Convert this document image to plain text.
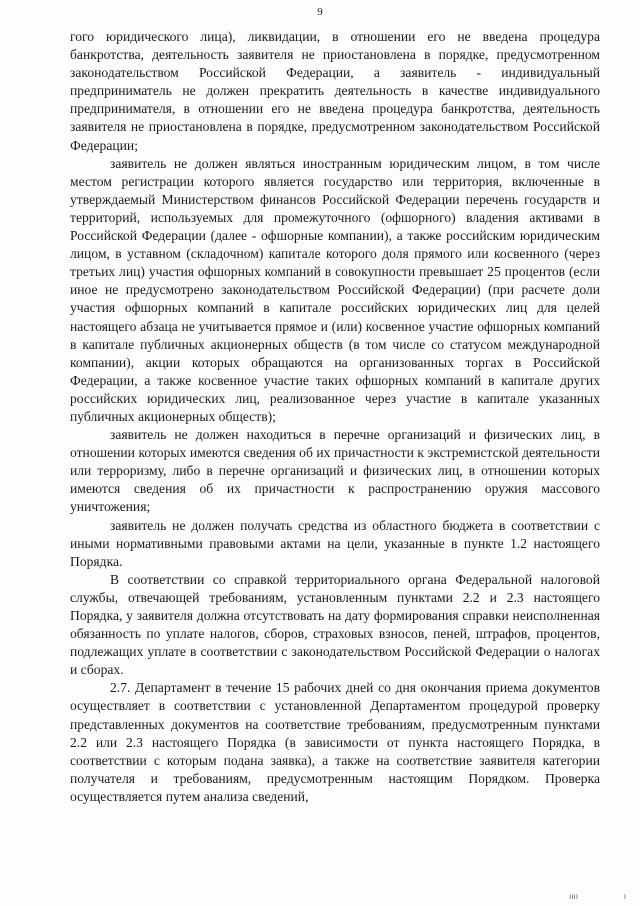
9

гого юридического лица), ликвидации, в отношении его не введена процедура банкротства, деятельность заявителя не приостановлена в порядке, предусмотренном законодательством Российской Федерации, а заявитель - индивидуальный предприниматель не должен прекратить деятельность в качестве индивидуального предпринимателя, в отношении его не введена процедура банкротства, деятельность заявителя не приостановлена в порядке, предусмотренном законодательством Российской Федерации;

заявитель не должен являться иностранным юридическим лицом, в том числе местом регистрации которого является государство или территория, включенные в утверждаемый Министерством финансов Российской Федерации перечень государств и территорий, используемых для промежуточного (офшорного) владения активами в Российской Федерации (далее - офшорные компании), а также российским юридическим лицом, в уставном (складочном) капитале которого доля прямого или косвенного (через третьих лиц) участия офшорных компаний в совокупности превышает 25 процентов (если иное не предусмотрено законодательством Российской Федерации) (при расчете доли участия офшорных компаний в капитале российских юридических лиц для целей настоящего абзаца не учитывается прямое и (или) косвенное участие офшорных компаний в капитале публичных акционерных обществ (в том числе со статусом международной компании), акции которых обращаются на организованных торгах в Российской Федерации, а также косвенное участие таких офшорных компаний в капитале других российских юридических лиц, реализованное через участие в капитале указанных публичных акционерных обществ);

заявитель не должен находиться в перечне организаций и физических лиц, в отношении которых имеются сведения об их причастности к экстремистской деятельности или терроризму, либо в перечне организаций и физических лиц, в отношении которых имеются сведения об их причастности к распространению оружия массового уничтожения;

заявитель не должен получать средства из областного бюджета в соответствии с иными нормативными правовыми актами на цели, указанные в пункте 1.2 настоящего Порядка.

В соответствии со справкой территориального органа Федеральной налоговой службы, отвечающей требованиям, установленным пунктами 2.2 и 2.3 настоящего Порядка, у заявителя должна отсутствовать на дату формирования справки неисполненная обязанность по уплате налогов, сборов, страховых взносов, пеней, штрафов, процентов, подлежащих уплате в соответствии с законодательством Российской Федерации о налогах и сборах.

2.7. Департамент в течение 15 рабочих дней со дня окончания приема документов осуществляет в соответствии с установленной Департаментом процедурой проверку представленных документов на соответствие требованиям, предусмотренным пунктами 2.2 или 2.3 настоящего Порядка (в зависимости от пункта настоящего Порядка, в соответствии с которым подана заявка), а также на соответствие заявителя категории получателя и требованиям, предусмотренным настоящим Порядком. Проверка осуществляется путем анализа сведений,

ıııı	ı
